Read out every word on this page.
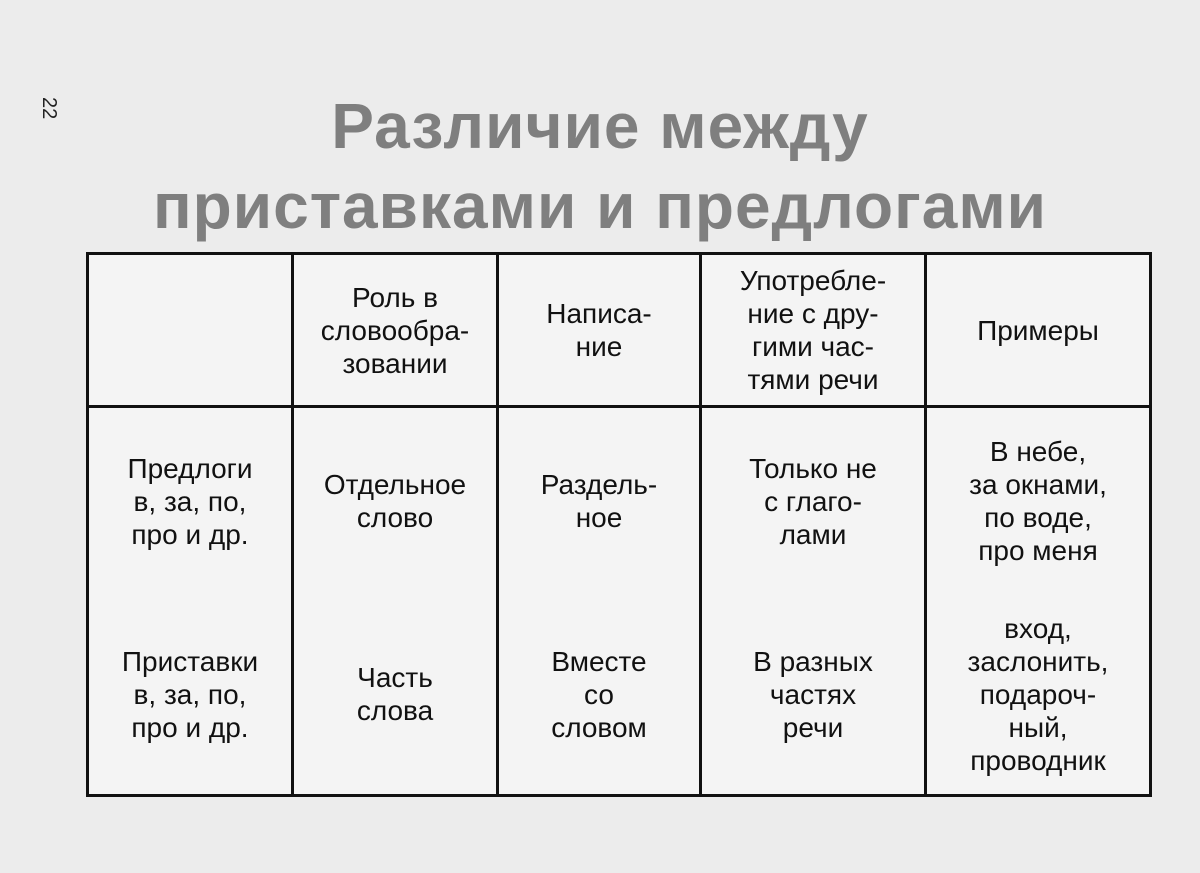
22	Различие между
приставками и предлогами
	Роль в
словообра-
зовании	Написа-
ние	Употребле-
ние с дру-
гими час-
тями речи	Примеры
Предлоги
в, за, по,
про и др.	Отдельное
слово	Раздель-
ное	Только не
с глаго-
лами	В небе,
за окнами,
по воде,
про меня
Приставки
в, за, по,
про и др.	Часть
слова	Вместе
со
словом	В разных
частях
речи	вход,
заслонить,
подароч-
ный,
проводник
